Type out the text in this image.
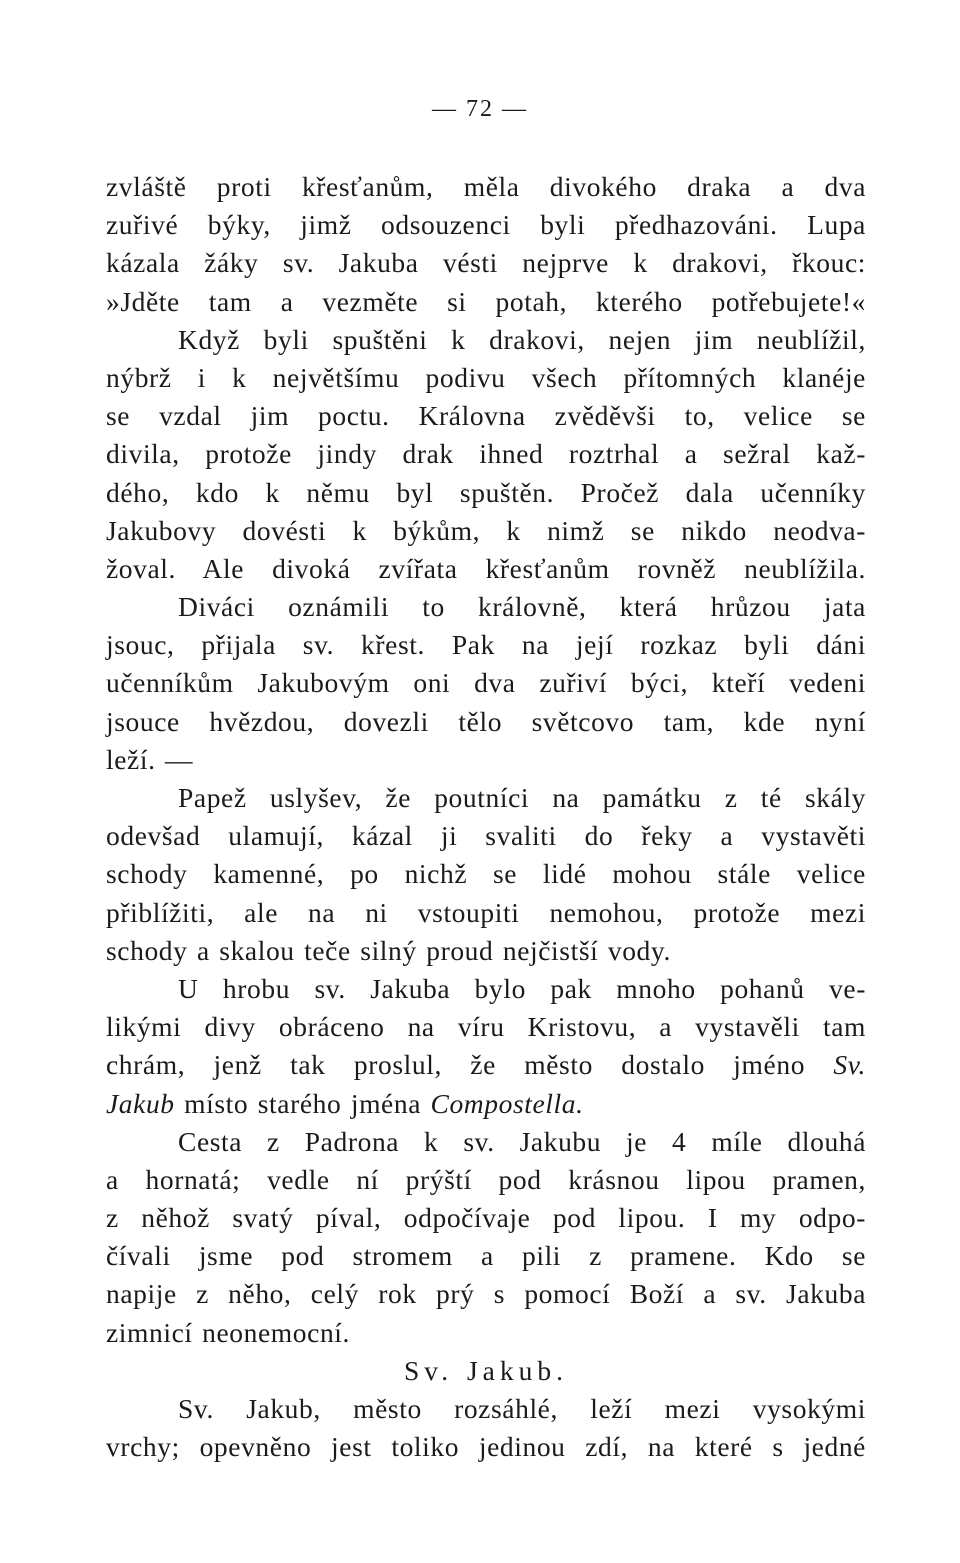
— 72 —
zvláště proti křesťanům, měla divokého draka a dva
zuřivé býky, jimž odsouzenci byli předhazováni. Lupa
kázala žáky sv. Jakuba vésti nejprve k drakovi, řkouc:
»Jděte tam a vezměte si potah, kterého potřebujete!«
Když byli spuštěni k drakovi, nejen jim neublížil,
nýbrž i k největšímu podivu všech přítomných klanéje
se vzdal jim poctu. Královna zvěděvši to, velice se
divila, protože jindy drak ihned roztrhal a sežral kaž-
dého, kdo k němu byl spuštěn. Pročež dala učenníky
Jakubovy dovésti k býkům, k nimž se nikdo neodva-
žoval. Ale divoká zvířata křesťanům rovněž neublížila.
Diváci oznámili to královně, která hrůzou jata
jsouc, přijala sv. křest. Pak na její rozkaz byli dáni
učenníkům Jakubovým oni dva zuřiví býci, kteří vedeni
jsouce hvězdou, dovezli tělo světcovo tam, kde nyní
leží. —
Papež uslyšev, že poutníci na památku z té skály
odevšad ulamují, kázal ji svaliti do řeky a vystavěti
schody kamenné, po nichž se lidé mohou stále velice
přiblížiti, ale na ni vstoupiti nemohou, protože mezi
schody a skalou teče silný proud nejčistší vody.
U hrobu sv. Jakuba bylo pak mnoho pohanů ve-
likými divy obráceno na víru Kristovu, a vystavěli tam
chrám, jenž tak proslul, že město dostalo jméno Sv.
Jakub místo starého jména Compostella.
Cesta z Padrona k sv. Jakubu je 4 míle dlouhá
a hornatá; vedle ní prýští pod krásnou lipou pramen,
z něhož svatý píval, odpočívaje pod lipou. I my odpo-
čívali jsme pod stromem a pili z pramene. Kdo se
napije z něho, celý rok prý s pomocí Boží a sv. Jakuba
zimnicí neonemocní.
Sv. Jakub.
Sv. Jakub, město rozsáhlé, leží mezi vysokými
vrchy; opevněno jest toliko jedinou zdí, na které s jedné
